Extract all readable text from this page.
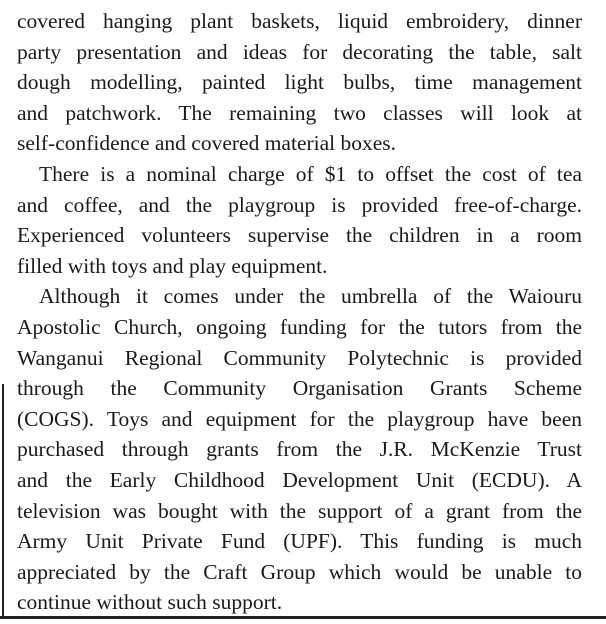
covered hanging plant baskets, liquid embroidery, dinner
party presentation and ideas for decorating the table, salt
dough modelling, painted light bulbs, time management
and patchwork. The remaining two classes will look at
self-confidence and covered material boxes.
There is a nominal charge of $1 to offset the cost of tea
and coffee, and the playgroup is provided free-of-charge.
Experienced volunteers supervise the children in a room
filled with toys and play equipment.
Although it comes under the umbrella of the Waiouru
Apostolic Church, ongoing funding for the tutors from the
Wanganui Regional Community Polytechnic is provided
through the Community Organisation Grants Scheme
(COGS). Toys and equipment for the playgroup have been
purchased through grants from the J.R. McKenzie Trust
and the Early Childhood Development Unit (ECDU). A
television was bought with the support of a grant from the
Army Unit Private Fund (UPF). This funding is much
appreciated by the Craft Group which would be unable to
continue without such support.
